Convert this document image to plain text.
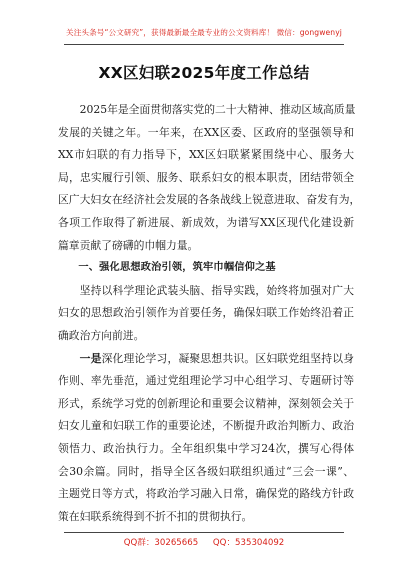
关注头条号“公文研究”，获得最新最全最专业的公文资料库！ 微信：gongwenyj
XX区妇联2025年度工作总结
2025年是全面贯彻落实党的二十大精神、推动区域高质量
发展的关键之年。一年来，在XX区委、区政府的坚强领导和
XX市妇联的有力指导下，XX区妇联紧紧围绕中心、服务大
局，忠实履行引领、服务、联系妇女的根本职责，团结带领全
区广大妇女在经济社会发展的各条战线上锐意进取、奋发有为，
各项工作取得了新进展、新成效，为谱写XX区现代化建设新
篇章贡献了磅礴的巾帼力量。
一、强化思想政治引领，筑牢巾帼信仰之基
坚持以科学理论武装头脑、指导实践，始终将加强对广大
妇女的思想政治引领作为首要任务，确保妇联工作始终沿着正
确政治方向前进。
一是深化理论学习，凝聚思想共识。区妇联党组坚持以身
作则、率先垂范，通过党组理论学习中心组学习、专题研讨等
形式，系统学习党的创新理论和重要会议精神，深刻领会关于
妇女儿童和妇联工作的重要论述，不断提升政治判断力、政治
领悟力、政治执行力。全年组织集中学习24次，撰写心得体
会30余篇。同时，指导全区各级妇联组织通过“三会一课”、
主题党日等方式，将政治学习融入日常，确保党的路线方针政
策在妇联系统得到不折不扣的贯彻执行。
QQ群：30265665 QQ：535304092
